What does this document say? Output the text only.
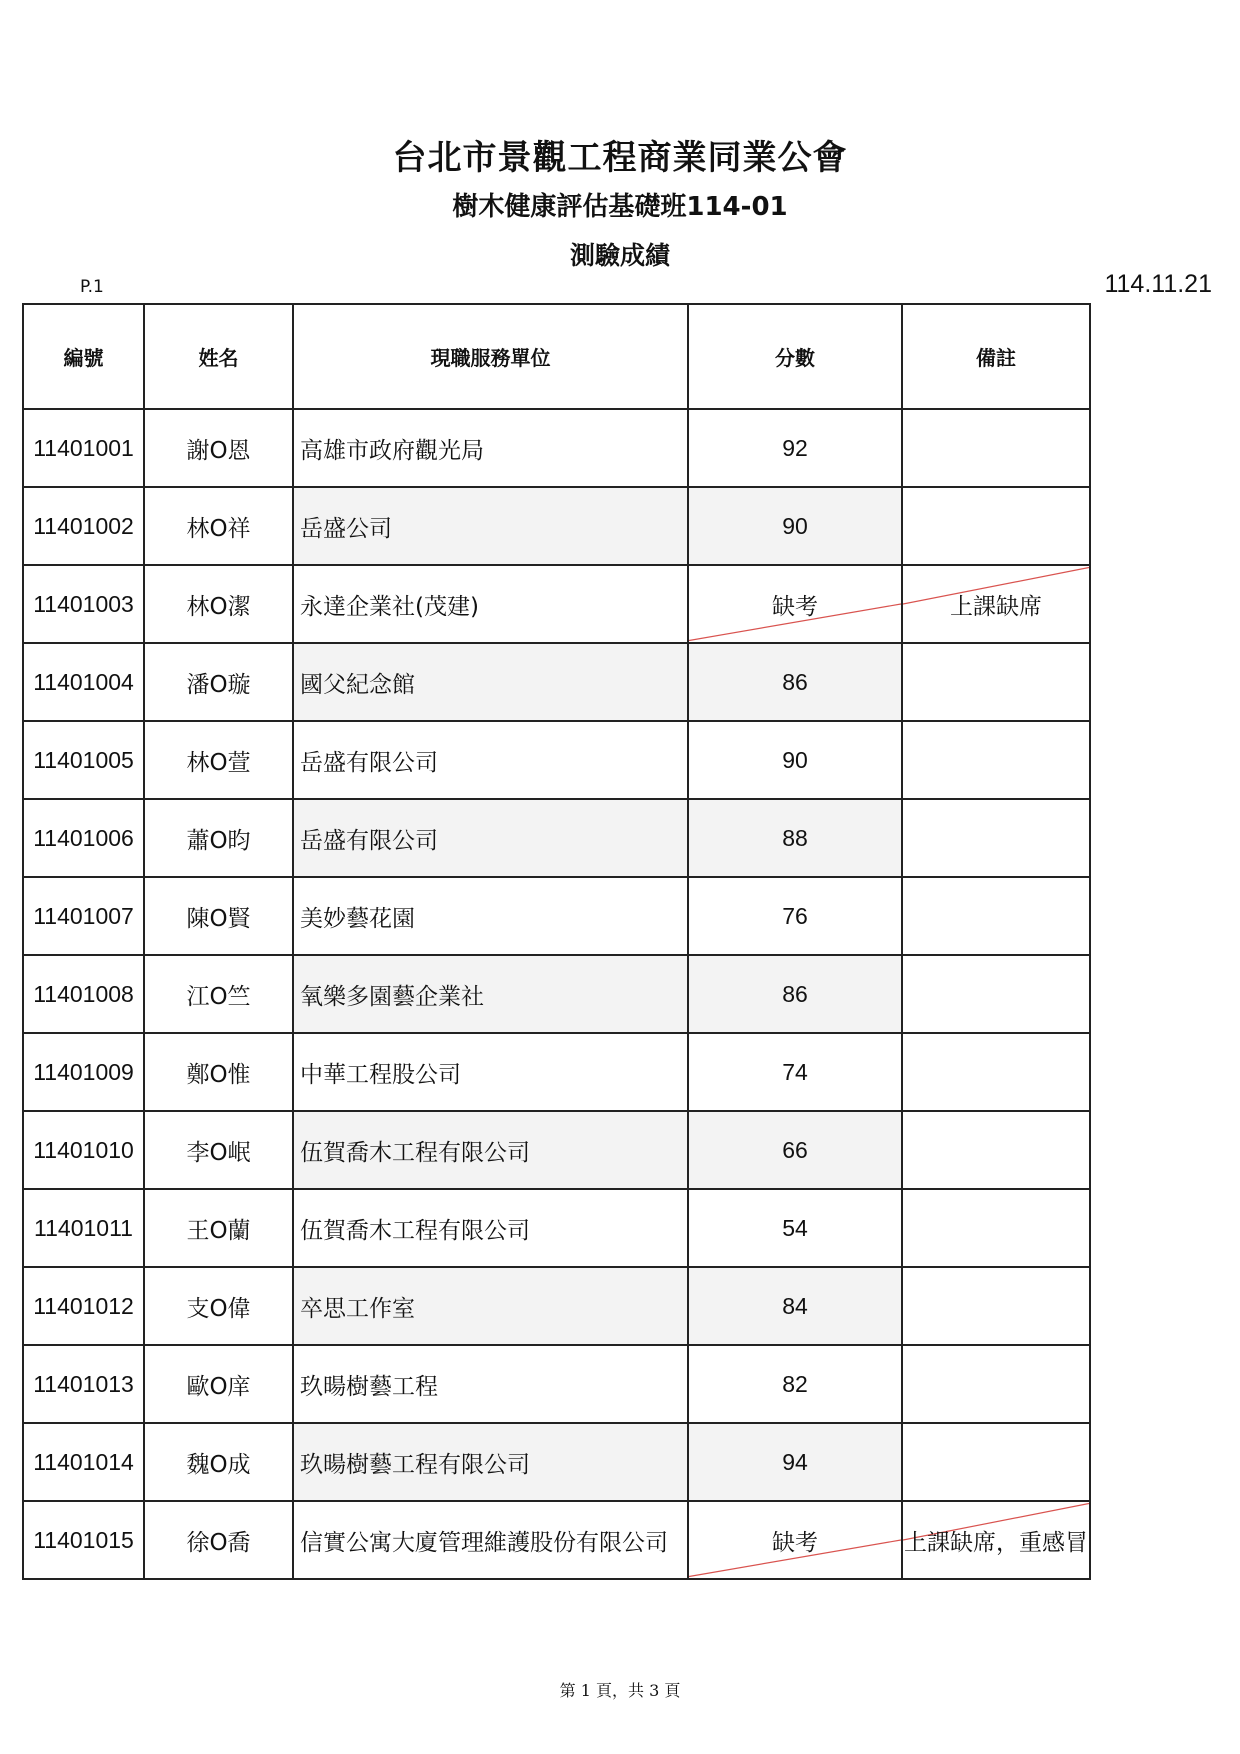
台北市景觀工程商業同業公會
樹木健康評估基礎班114-01
測驗成績
P.1	114.11.21
編號	姓名	現職服務單位	分數	備註
11401001	謝O恩	高雄市政府觀光局	92	
11401002	林O祥	岳盛公司	90	
11401003	林O潔	永達企業社(茂建)	缺考	上課缺席

11401004	潘O璇	國父紀念館	86	
11401005	林O萱	岳盛有限公司	90	
11401006	蕭O昀	岳盛有限公司	88	
11401007	陳O賢	美妙藝花園	76	
11401008	江O竺	氧樂多園藝企業社	86	
11401009	鄭O惟	中華工程股公司	74	
11401010	李O岷	伍賀喬木工程有限公司	66	
11401011	王O蘭	伍賀喬木工程有限公司	54	
11401012	支O偉	卒思工作室	84	
11401013	歐O庠	玖暘樹藝工程	82	
11401014	魏O成	玖暘樹藝工程有限公司	94	
11401015	徐O喬	信實公寓大廈管理維護股份有限公司	缺考	上課缺席，重感冒
第 1 頁，共 3 頁
